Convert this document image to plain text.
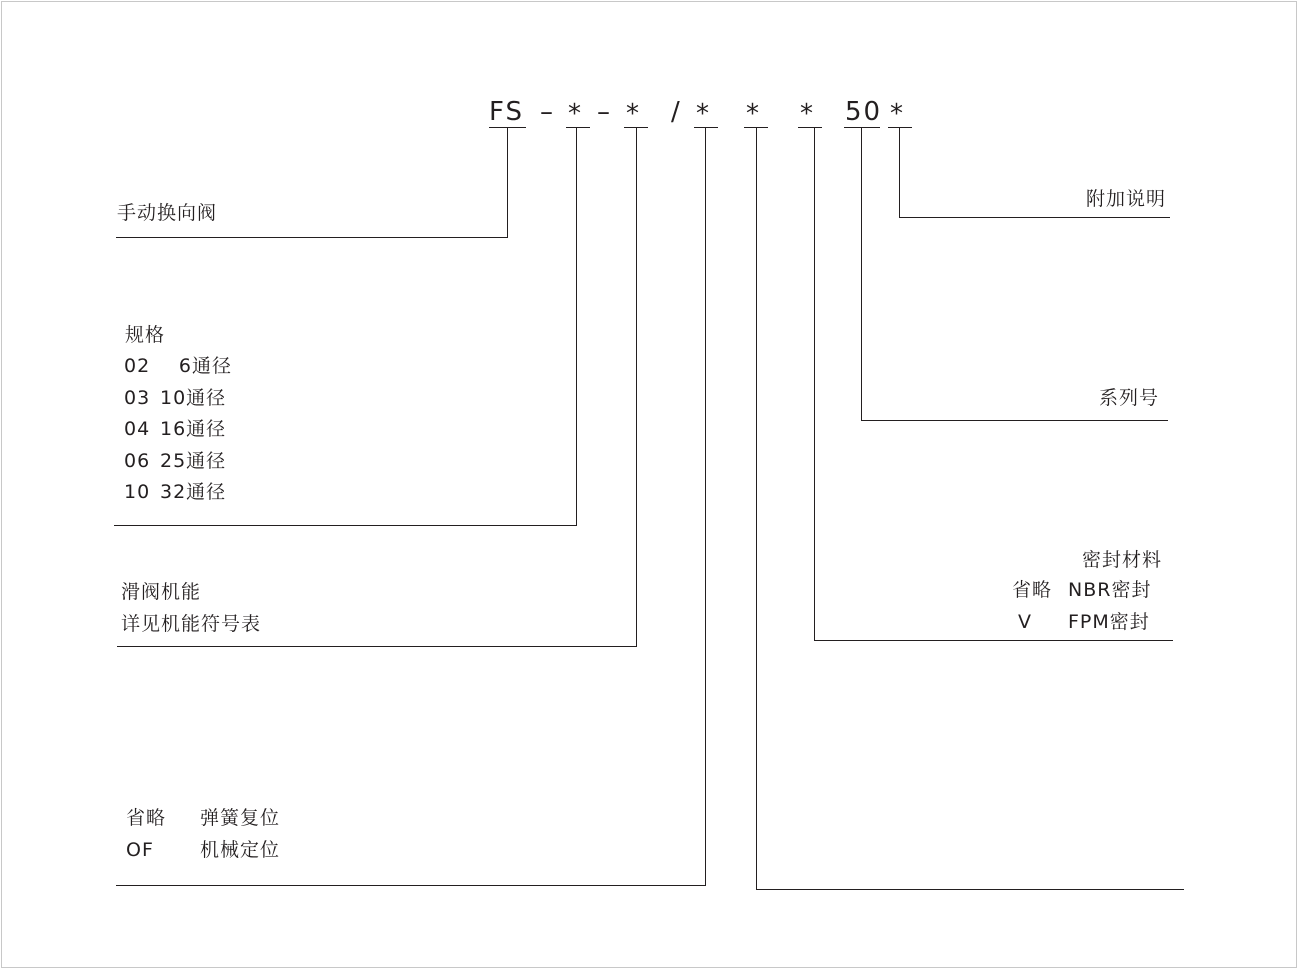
FS – * – * / * * * 50 *
手动换向阀
规格
02
03
04
06
10
6通径
10通径
16通径
25通径
32通径
滑阀机能
详见机能符号表
省略
OF
弹簧复位
机械定位
附加说明
系列号
密封材料
省略
V
NBR密封
FPM密封
